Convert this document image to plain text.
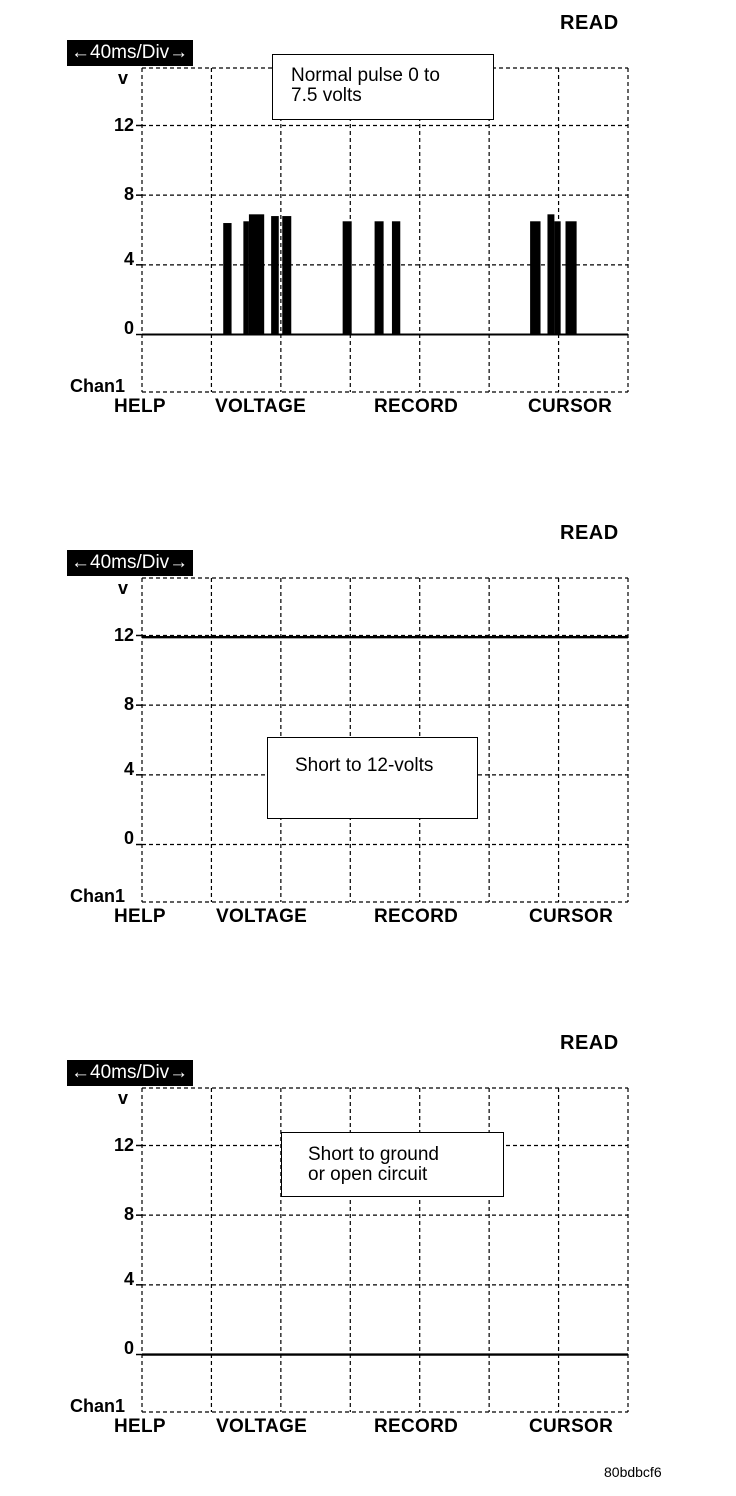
READ
←40ms/Div→
v
12
8
4
0
Chan1
HELP	VOLTAGE	RECORD	CURSOR
Normal pulse 0 to
7.5 volts
READ
←40ms/Div→
v
12
8
4
0
Chan1
HELP	VOLTAGE	RECORD	CURSOR
Short to 12-volts
READ
←40ms/Div→
v
12
8
4
0
Chan1
HELP	VOLTAGE	RECORD	CURSOR
Short to ground
or open circuit
80bdbcf6
